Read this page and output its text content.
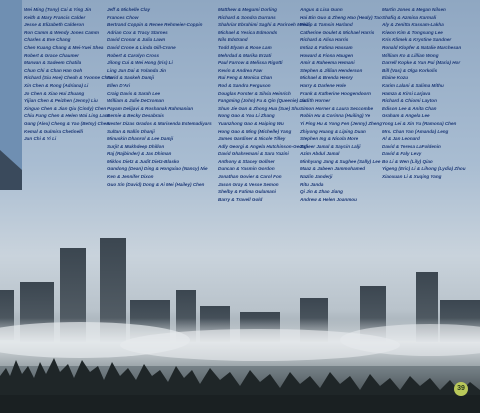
Wei Ming (Tony) Cai & Ying Jin
Keith & Mary Francis Calder
Jesse & Elizabeth Calderon
Ron Camm & Wendy Jones Camm
Charles & Eve Chang
Chen Kuang Chang & Mei-Yuei Shea
Robert & Grace Chaumer
Marwan & Sadeem Chatila
Chun Chi & Chan Han Goh
Richard (Siu Hoe) Cheah & Yvonne Chan
Xin Chen & Rong (Adriana) Li
Jo Chen & Xiao Hui Zhuang
Yijian Chen & Peizhen (Jenny) Liu
Xinguo Chen & Jian Qiu (Cindy) Chen
Chiu Fung Chen & Helen Wai Ling Lam
Gang (Alex) Cheng & Yao (Betsy) Chen
Kemal & Gulmira Chetinelli
Jun Chi & Yi Li
Jeff & Michelle Clay
Frances Chow
Bertrand Coppin & Renee Rehmeier-Coppin
Adrian Cox & Tracy Starnes
David Cronar & Julia Lawn
David Crone & Linda Gill-Crone
Robert & Carolyn Cross
Jilong Cui & Wei Hong (Iris) Li
Ling Jun Dai & Yolanda Jin
Farid & Saskeh Damji
Ellen D'Ari
Craig Davis & Sarah Lee
William & Julie DeCroman
Payam Delijavi & Roshanak Rahmanian
Bernie & Becky Desabrais
Nester Dizas Grados & Marisenda Estemadiyars
Sultan & Nallin Dhanji
Minuskin Dhanrol & Lee Damji
Surjit & Mukhdeep Dhillon
Raj (Rajbinder) & Jas Dhiman
Miklos Dietz & Judit Dietz-Blasko
Gandong (Dean) Ding & Hongxiao (Nancy) Nie
Ken & Jennifer Dixon
Guo Xin (David) Dong & Ai Mei (Hailey) Chen
Matthew & Megumi Dorling
Richard & Sondra Durrans
Shahriar Ebrahimi Saghi & Pariroeh Moezi
Michael & Yesica Edmonds
Nils Edstrand
Todd Elyam & Rose Lam
Mehrdad & Marika Erzati
Paul Farrow & Melissa Rigotti
Kevin & Andrea Faw
Rui Feng & Monica Chan
Rod & Sandra Ferguson
Douglas Forster & Silvia Heinrich
Fangming (John) Fu & Qin (Queenie) Liu
Shun Jie Gan & Zhong Hua (Sue) Shu
Nong Gao & You Li Zhang
Yuanzhong Gao & Haiping Wu
Hong Gao & Ming (Michelle) Yang
James Gardiner & Nicole Tilley
Adly Georgi & Angela Hutchinson-Georgi
David Ghahremani & Sara Yazini
Anthony & Stacey Gollner
Duncan & Yasmin Gordon
Jonathan Govier & Carol Fon
Jason Gray & Vesse Semon
Shelby & Fatima Gulamani
Barry & Travell Gold
Angus & Lisa Gunn
Hai Bin Guo & Zheng Hao (Healy) Tao
Philip & Tamsin Harland
Catherine Goulet & Michael Harris
Richard & Alisa Harris
Imtiaz & Fatima Hassam
Howard & Fiona Haugen
Amir & Raheema Hemani
Stephen & Jillian Henderson
Michael & Brenda Henry
Harry & Darlene Hole
Frank & Katherine Hoogendoorn
Judith Horner
Simon Horner & Laura Seccombe
Robin Hu & Corinna (Huiling) Ye
Yi Ping Hu & Yong Fen (Jenny) Zheng
Zhiyong Huang & Liping Duan
Stephen Ing & Nicola More
Zaheer Jamal & Saycin Lalji
Azim Abdul Jamal
Minhyung Jang & Sughee (Sally) Lee
Maaz & Jabeen Jammohamed
Nazlin Janderji
Ritu Janda
Qi Jin & Zhao Jiang
Andrew & Helen Joanmou
Martin Jones & Megan Nilsen
Shafiq & Azmina Karmali
Aly & Zenitta Kassam-Lakha
Kiwon Kim & Tongsung Lee
Kris Klimek & Krystine Sandner
Ronald Klopfer & Natalie Marchesan
William Ko & Lillian Wong
Darrell Kopke & Yun Pui (Maria) Hor
Bill (Vas) & Olga Korkolis
Elaine Kozu
Karim Lalani & Salima Mithu
Hamza & Kirsi Larjava
Richard & Chiomi Layton
Edison Lee & Anita Chan
Graham & Angela Lee
Yong Lei & Xin Yu (Ramona) Chen
Mrs. Chan Yan (Amanda) Leng
Al & Jan Leonard
David & Teresa LaFoldenin
David & Faly Levy
Bo Li & Wen (Lily) Qiao
Yigeng (Eric) Li & Lihong (Lydia) Zhou
Xiaoxuan Li & Xuqing Yang
39
